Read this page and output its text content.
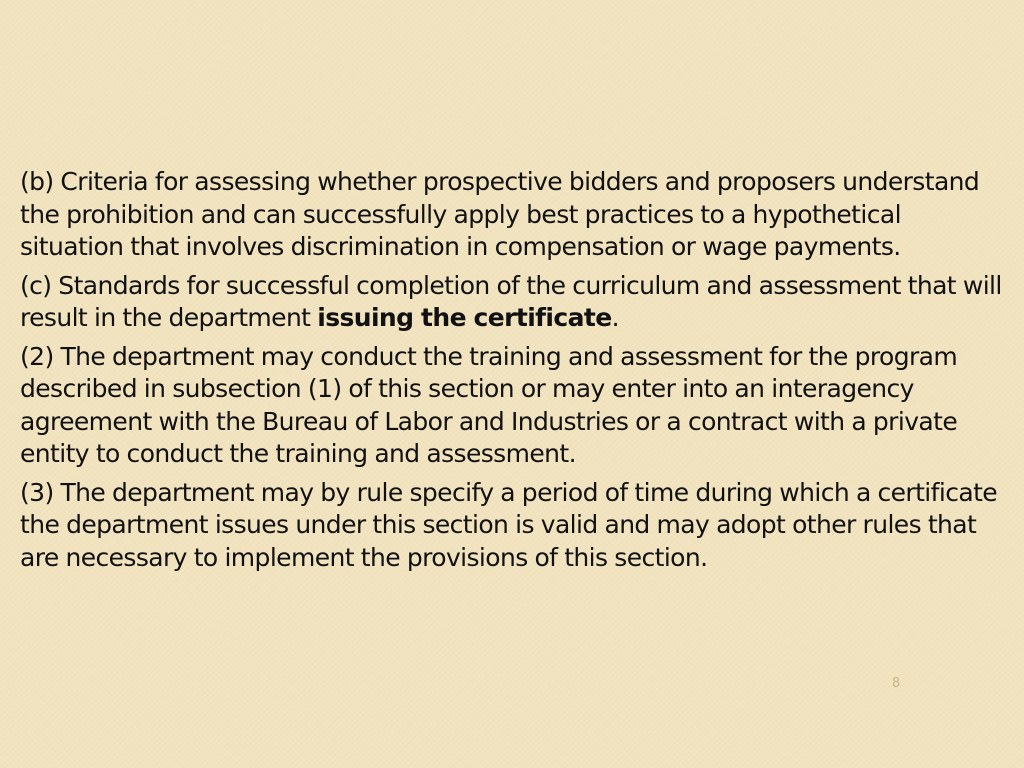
(b) Criteria for assessing whether prospective bidders and proposers understand the prohibition and can successfully apply best practices to a hypothetical situation that involves discrimination in compensation or wage payments.

(c) Standards for successful completion of the curriculum and assessment that will result in the department issuing the certificate.

(2) The department may conduct the training and assessment for the program described in subsection (1) of this section or may enter into an interagency agreement with the Bureau of Labor and Industries or a contract with a private entity to conduct the training and assessment.

(3) The department may by rule specify a period of time during which a certificate the department issues under this section is valid and may adopt other rules that are necessary to implement the provisions of this section.

8
